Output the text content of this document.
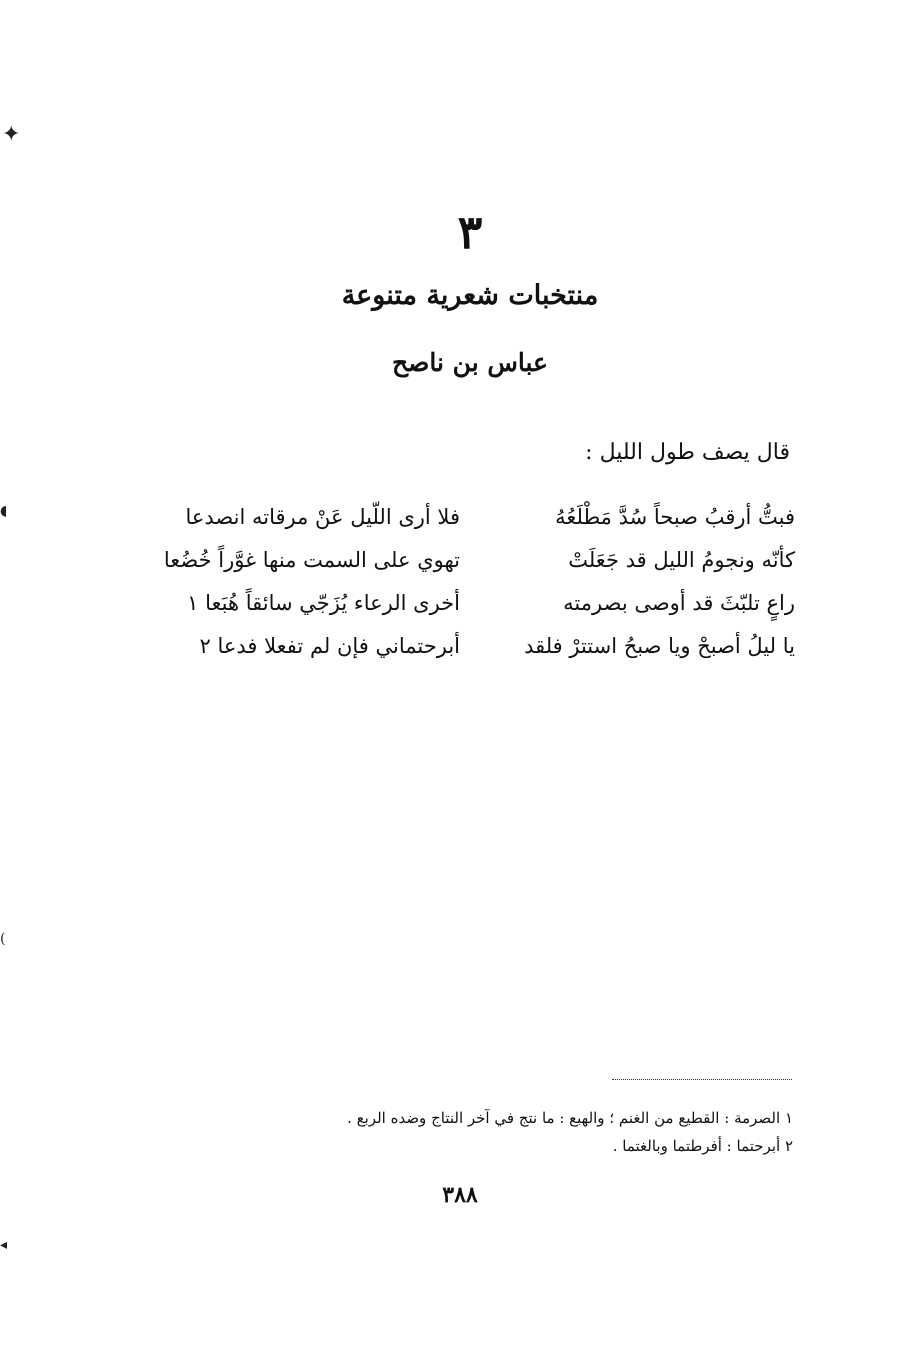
✦
◖
(
◂
٣
منتخبات شعرية متنوعة
عباس بن ناصح
قال يصف طول الليل :
فبتُّ أرقبُ صبحاً سُدَّ مَطْلَعُهُ
فلا أرى اللّيل عَنْ مرقاته انصدعا
كأنّه ونجومُ الليل قد جَعَلَتْ
تهوي على السمت منها غوَّراً خُضُعا
راعٍ تلبّثَ قد أوصى بصرمته
أخرى الرعاء يُزَجّي سائقاً هُبَعا ١
يا ليلُ أصبحْ ويا صبحُ استترْ فلقد
أبرحتماني فإن لم تفعلا فدعا ٢
١ الصرمة : القطيع من الغنم ؛ والهبع : ما نتج في آخر النتاج وضده الربع .
٢ أبرحتما : أفرطتما وبالغتما .
٣٨٨
